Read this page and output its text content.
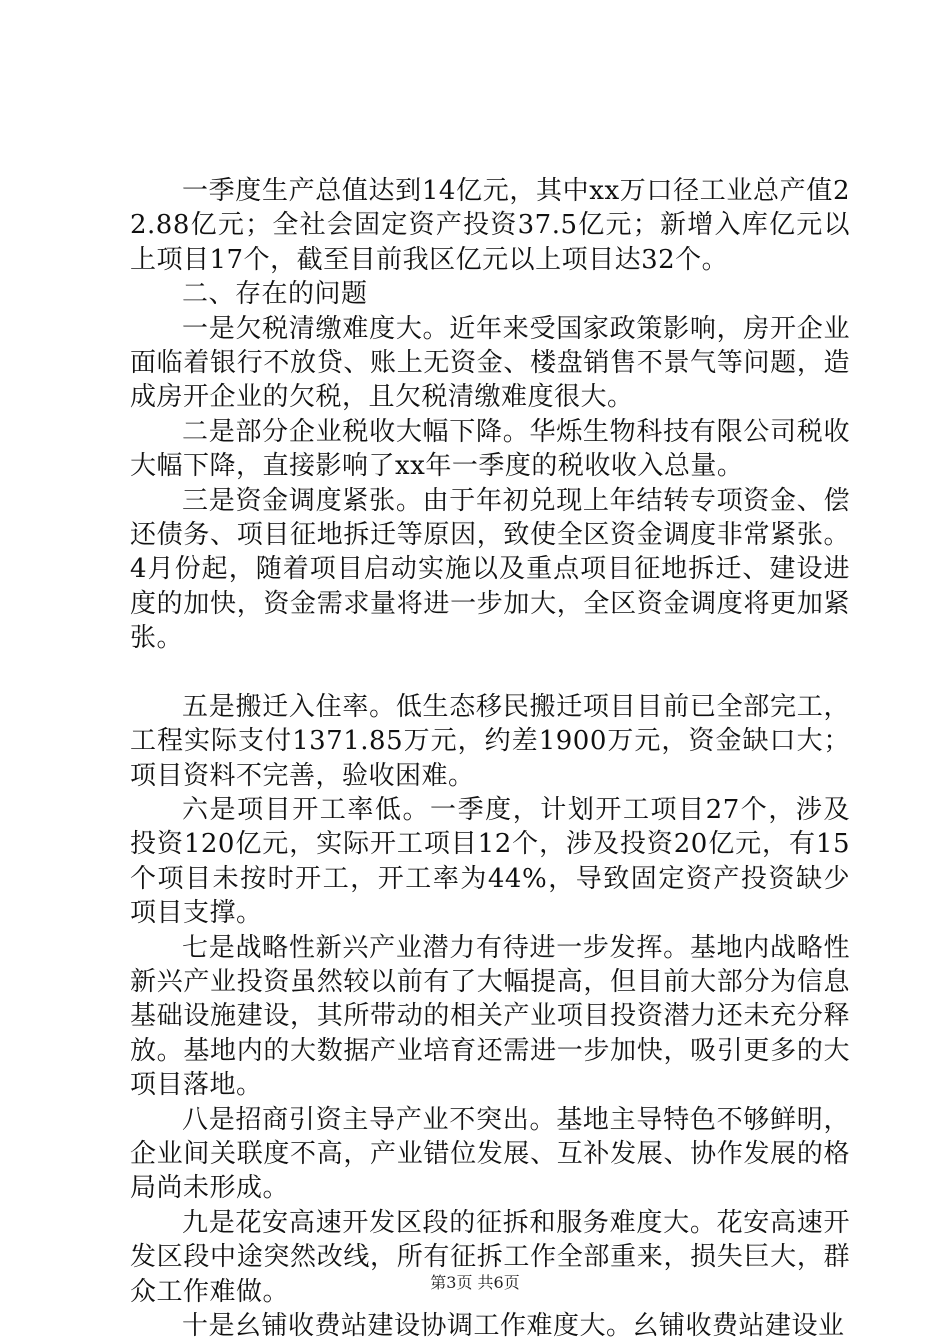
一季度生产总值达到14亿元，其中xx万口径工业总产值22.88亿元；全社会固定资产投资37.5亿元；新增入库亿元以上项目17个，截至目前我区亿元以上项目达32个。

二、存在的问题

一是欠税清缴难度大。近年来受国家政策影响，房开企业面临着银行不放贷、账上无资金、楼盘销售不景气等问题，造成房开企业的欠税，且欠税清缴难度很大。

二是部分企业税收大幅下降。华烁生物科技有限公司税收大幅下降，直接影响了xx年一季度的税收收入总量。

三是资金调度紧张。由于年初兑现上年结转专项资金、偿还债务、项目征地拆迁等原因，致使全区资金调度非常紧张。4月份起，随着项目启动实施以及重点项目征地拆迁、建设进度的加快，资金需求量将进一步加大，全区资金调度将更加紧张。

五是搬迁入住率。低生态移民搬迁项目目前已全部完工，工程实际支付1371.85万元，约差1900万元，资金缺口大；项目资料不完善，验收困难。

六是项目开工率低。一季度，计划开工项目27个，涉及投资120亿元，实际开工项目12个，涉及投资20亿元，有15个项目未按时开工，开工率为44%，导致固定资产投资缺少项目支撑。

七是战略性新兴产业潜力有待进一步发挥。基地内战略性新兴产业投资虽然较以前有了大幅提高，但目前大部分为信息基础设施建设，其所带动的相关产业项目投资潜力还未充分释放。基地内的大数据产业培育还需进一步加快，吸引更多的大项目落地。

八是招商引资主导产业不突出。基地主导特色不够鲜明，企业间关联度不高，产业错位发展、互补发展、协作发展的格局尚未形成。

九是花安高速开发区段的征拆和服务难度大。花安高速开发区段中途突然改线，所有征拆工作全部重来，损失巨大，群众工作难做。

十是幺铺收费站建设协调工作难度大。幺铺收费站建设业

第3页 共6页
